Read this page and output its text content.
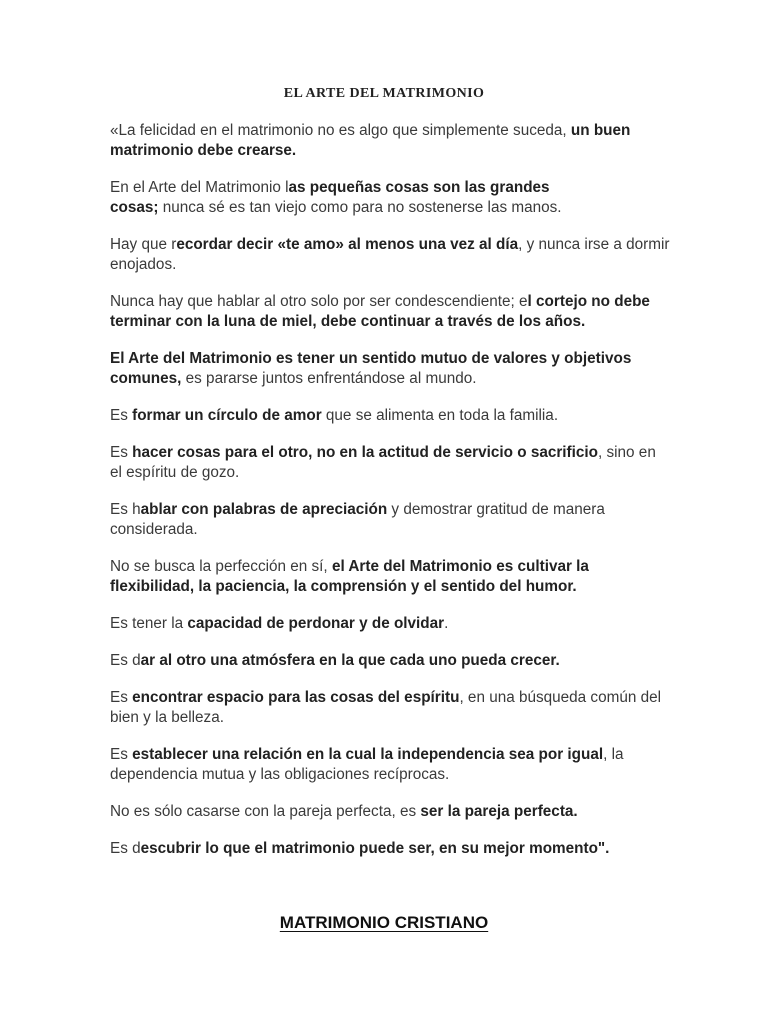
EL ARTE DEL MATRIMONIO

«La felicidad en el matrimonio no es algo que simplemente suceda, un buen matrimonio debe crearse.

En el Arte del Matrimonio las pequeñas cosas son las grandes
cosas; nunca sé es tan viejo como para no sostenerse las manos.

Hay que recordar decir «te amo» al menos una vez al día, y nunca irse a dormir enojados.

Nunca hay que hablar al otro solo por ser condescendiente; el cortejo no debe terminar con la luna de miel, debe continuar a través de los años.

El Arte del Matrimonio es tener un sentido mutuo de valores y objetivos comunes, es pararse juntos enfrentándose al mundo.

Es formar un círculo de amor que se alimenta en toda la familia.

Es hacer cosas para el otro, no en la actitud de servicio o sacrificio, sino en el espíritu de gozo.

Es hablar con palabras de apreciación y demostrar gratitud de manera considerada.

No se busca la perfección en sí, el Arte del Matrimonio es cultivar la flexibilidad, la paciencia, la comprensión y el sentido del humor.

Es tener la capacidad de perdonar y de olvidar.

Es dar al otro una atmósfera en la que cada uno pueda crecer.

Es encontrar espacio para las cosas del espíritu, en una búsqueda común del bien y la belleza.

Es establecer una relación en la cual la independencia sea por igual, la dependencia mutua y las obligaciones recíprocas.

No es sólo casarse con la pareja perfecta, es ser la pareja perfecta.

Es descubrir lo que el matrimonio puede ser, en su mejor momento".

MATRIMONIO CRISTIANO
